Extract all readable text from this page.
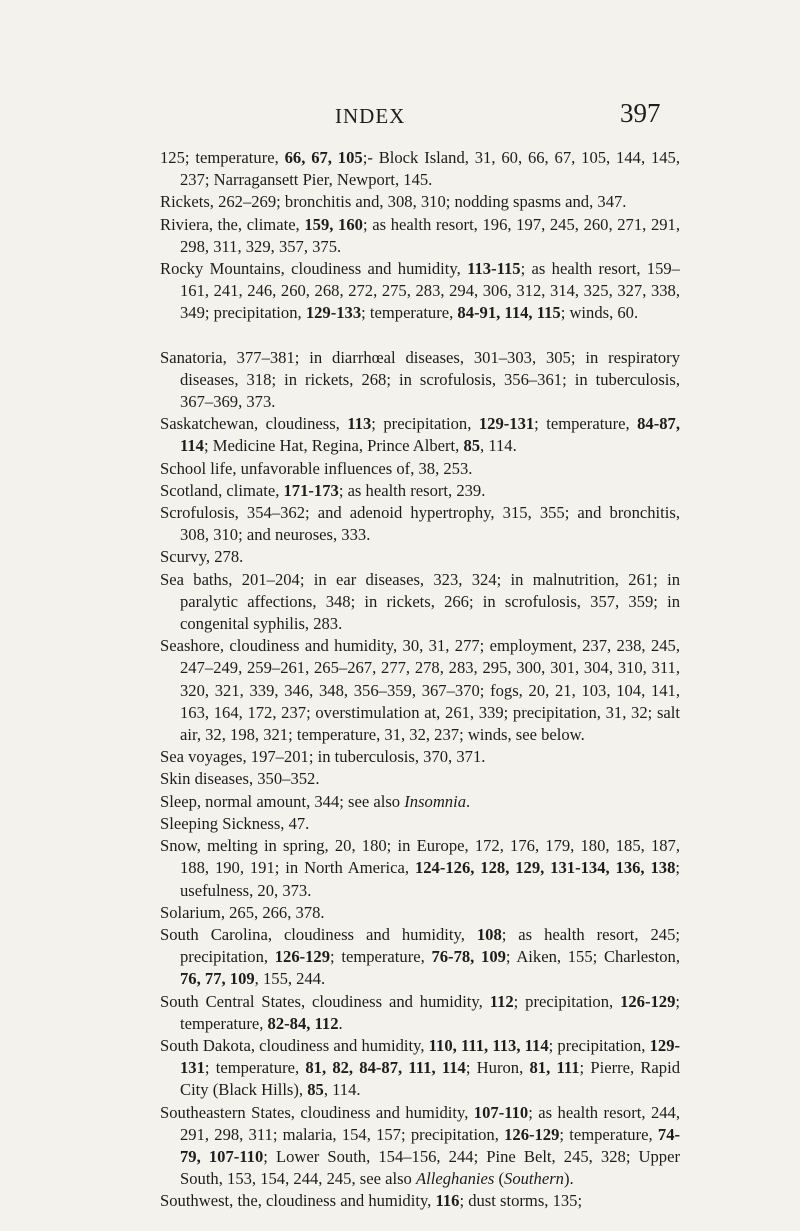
INDEX	397

125; temperature, 66, 67, 105;- Block Island, 31, 60, 66, 67, 105, 144, 145, 237; Narragansett Pier, Newport, 145.

Rickets, 262–269; bronchitis and, 308, 310; nodding spasms and, 347.

Riviera, the, climate, 159, 160; as health resort, 196, 197, 245, 260, 271, 291, 298, 311, 329, 357, 375.

Rocky Mountains, cloudiness and humidity, 113-115; as health resort, 159–161, 241, 246, 260, 268, 272, 275, 283, 294, 306, 312, 314, 325, 327, 338, 349; precipitation, 129-133; temperature, 84-91, 114, 115; winds, 60.

Sanatoria, 377–381; in diarrhœal diseases, 301–303, 305; in respiratory diseases, 318; in rickets, 268; in scrofulosis, 356–361; in tuberculosis, 367–369, 373.

Saskatchewan, cloudiness, 113; precipitation, 129-131; temperature, 84-87, 114; Medicine Hat, Regina, Prince Albert, 85, 114.

School life, unfavorable influences of, 38, 253.

Scotland, climate, 171-173; as health resort, 239.

Scrofulosis, 354–362; and adenoid hypertrophy, 315, 355; and bronchitis, 308, 310; and neuroses, 333.

Scurvy, 278.

Sea baths, 201–204; in ear diseases, 323, 324; in malnutrition, 261; in paralytic affections, 348; in rickets, 266; in scrofulosis, 357, 359; in congenital syphilis, 283.

Seashore, cloudiness and humidity, 30, 31, 277; employment, 237, 238, 245, 247–249, 259–261, 265–267, 277, 278, 283, 295, 300, 301, 304, 310, 311, 320, 321, 339, 346, 348, 356–359, 367–370; fogs, 20, 21, 103, 104, 141, 163, 164, 172, 237; overstimulation at, 261, 339; precipitation, 31, 32; salt air, 32, 198, 321; temperature, 31, 32, 237; winds, see below.

Sea voyages, 197–201; in tuberculosis, 370, 371.

Skin diseases, 350–352.

Sleep, normal amount, 344; see also Insomnia.

Sleeping Sickness, 47.

Snow, melting in spring, 20, 180; in Europe, 172, 176, 179, 180, 185, 187, 188, 190, 191; in North America, 124-126, 128, 129, 131-134, 136, 138; usefulness, 20, 373.

Solarium, 265, 266, 378.

South Carolina, cloudiness and humidity, 108; as health resort, 245; precipitation, 126-129; temperature, 76-78, 109; Aiken, 155; Charleston, 76, 77, 109, 155, 244.

South Central States, cloudiness and humidity, 112; precipitation, 126-129; temperature, 82-84, 112.

South Dakota, cloudiness and humidity, 110, 111, 113, 114; precipitation, 129-131; temperature, 81, 82, 84-87, 111, 114; Huron, 81, 111; Pierre, Rapid City (Black Hills), 85, 114.

Southeastern States, cloudiness and humidity, 107-110; as health resort, 244, 291, 298, 311; malaria, 154, 157; precipitation, 126-129; temperature, 74-79, 107-110; Lower South, 154–156, 244; Pine Belt, 245, 328; Upper South, 153, 154, 244, 245, see also Alleghanies (Southern).

Southwest, the, cloudiness and humidity, 116; dust storms, 135;
